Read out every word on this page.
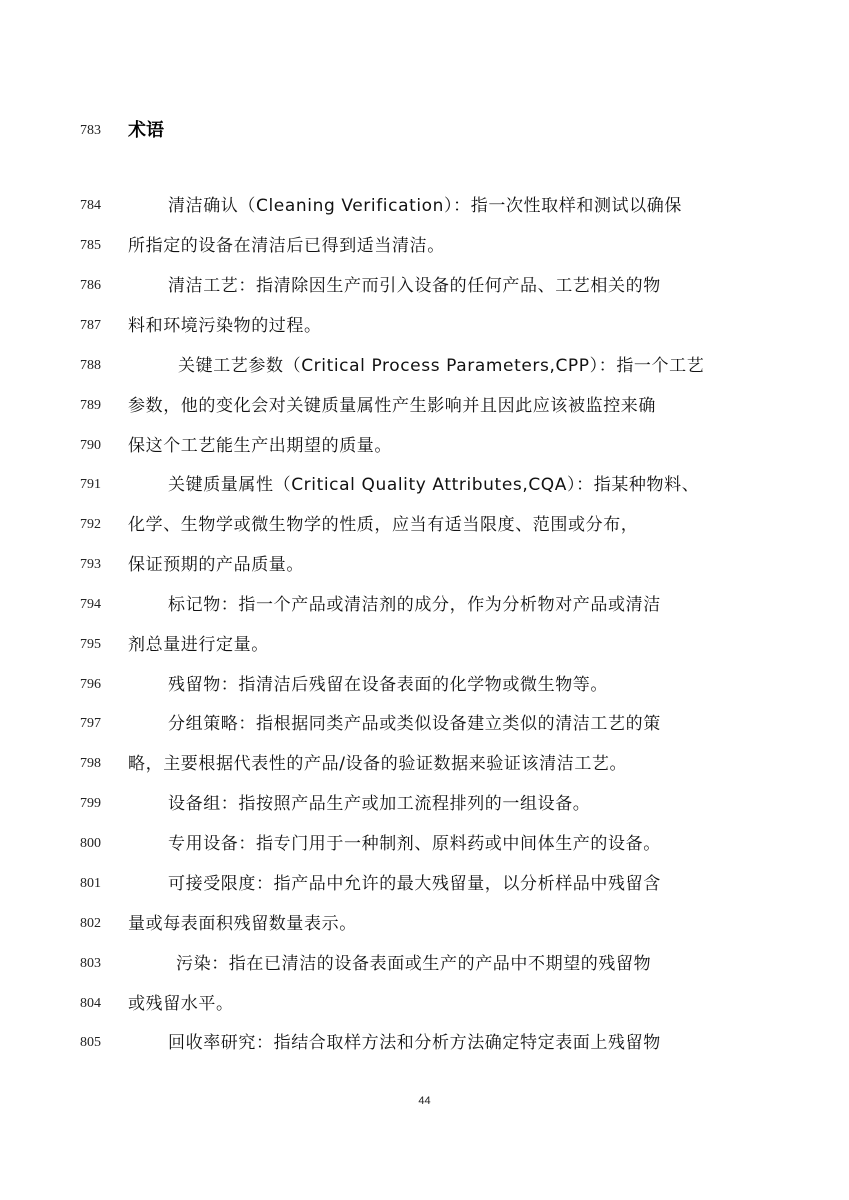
783	术语
784	清洁确认（Cleaning Verification）：指一次性取样和测试以确保
785	所指定的设备在清洁后已得到适当清洁。
786	清洁工艺：指清除因生产而引入设备的任何产品、工艺相关的物
787	料和环境污染物的过程。
788	关键工艺参数（Critical Process Parameters,CPP）：指一个工艺
789	参数，他的变化会对关键质量属性产生影响并且因此应该被监控来确
790	保这个工艺能生产出期望的质量。
791	关键质量属性（Critical Quality Attributes,CQA）：指某种物料、
792	化学、生物学或微生物学的性质，应当有适当限度、范围或分布，
793	保证预期的产品质量。
794	标记物：指一个产品或清洁剂的成分，作为分析物对产品或清洁
795	剂总量进行定量。
796	残留物：指清洁后残留在设备表面的化学物或微生物等。
797	分组策略：指根据同类产品或类似设备建立类似的清洁工艺的策
798	略，主要根据代表性的产品/设备的验证数据来验证该清洁工艺。
799	设备组：指按照产品生产或加工流程排列的一组设备。
800	专用设备：指专门用于一种制剂、原料药或中间体生产的设备。
801	可接受限度：指产品中允许的最大残留量，以分析样品中残留含
802	量或每表面积残留数量表示。
803	污染：指在已清洁的设备表面或生产的产品中不期望的残留物
804	或残留水平。
805	回收率研究：指结合取样方法和分析方法确定特定表面上残留物
44
